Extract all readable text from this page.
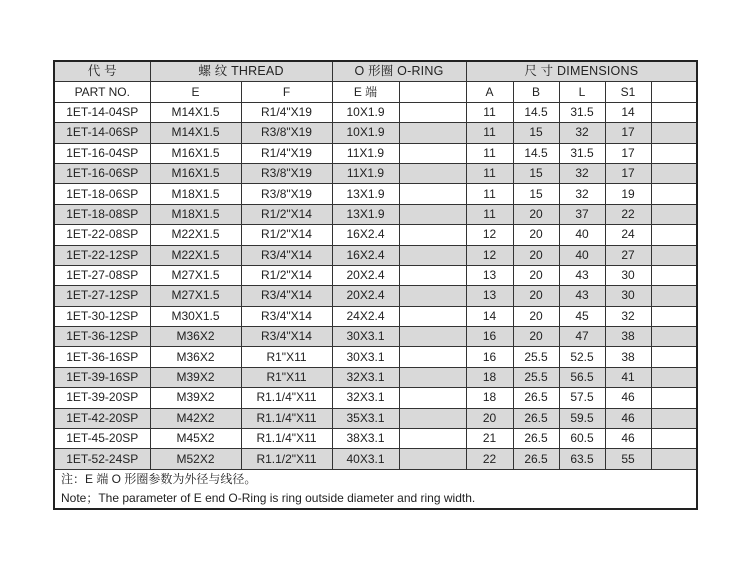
代 号	螺 纹 THREAD		O 形圈 O-RING		尺 寸 DIMENSIONS				
PART NO.	E	F	E 端		A	B	L	S1	
1ET-14-04SP	M14X1.5	R1/4"X19	10X1.9		11	14.5	31.5	14	
1ET-14-06SP	M14X1.5	R3/8"X19	10X1.9		11	15	32	17	
1ET-16-04SP	M16X1.5	R1/4"X19	11X1.9		11	14.5	31.5	17	
1ET-16-06SP	M16X1.5	R3/8"X19	11X1.9		11	15	32	17	
1ET-18-06SP	M18X1.5	R3/8"X19	13X1.9		11	15	32	19	
1ET-18-08SP	M18X1.5	R1/2"X14	13X1.9		11	20	37	22	
1ET-22-08SP	M22X1.5	R1/2"X14	16X2.4		12	20	40	24	
1ET-22-12SP	M22X1.5	R3/4"X14	16X2.4		12	20	40	27	
1ET-27-08SP	M27X1.5	R1/2"X14	20X2.4		13	20	43	30	
1ET-27-12SP	M27X1.5	R3/4"X14	20X2.4		13	20	43	30	
1ET-30-12SP	M30X1.5	R3/4"X14	24X2.4		14	20	45	32	
1ET-36-12SP	M36X2	R3/4"X14	30X3.1		16	20	47	38	
1ET-36-16SP	M36X2	R1"X11	30X3.1		16	25.5	52.5	38	
1ET-39-16SP	M39X2	R1"X11	32X3.1		18	25.5	56.5	41	
1ET-39-20SP	M39X2	R1.1/4"X11	32X3.1		18	26.5	57.5	46	
1ET-42-20SP	M42X2	R1.1/4"X11	35X3.1		20	26.5	59.5	46	
1ET-45-20SP	M45X2	R1.1/4"X11	38X3.1		21	26.5	60.5	46	
1ET-52-24SP	M52X2	R1.1/2"X11	40X3.1		22	26.5	63.5	55	
注：E 端 O 形圈参数为外径与线径。									
Note；The parameter of E end O-Ring is ring outside diameter and ring width.									
